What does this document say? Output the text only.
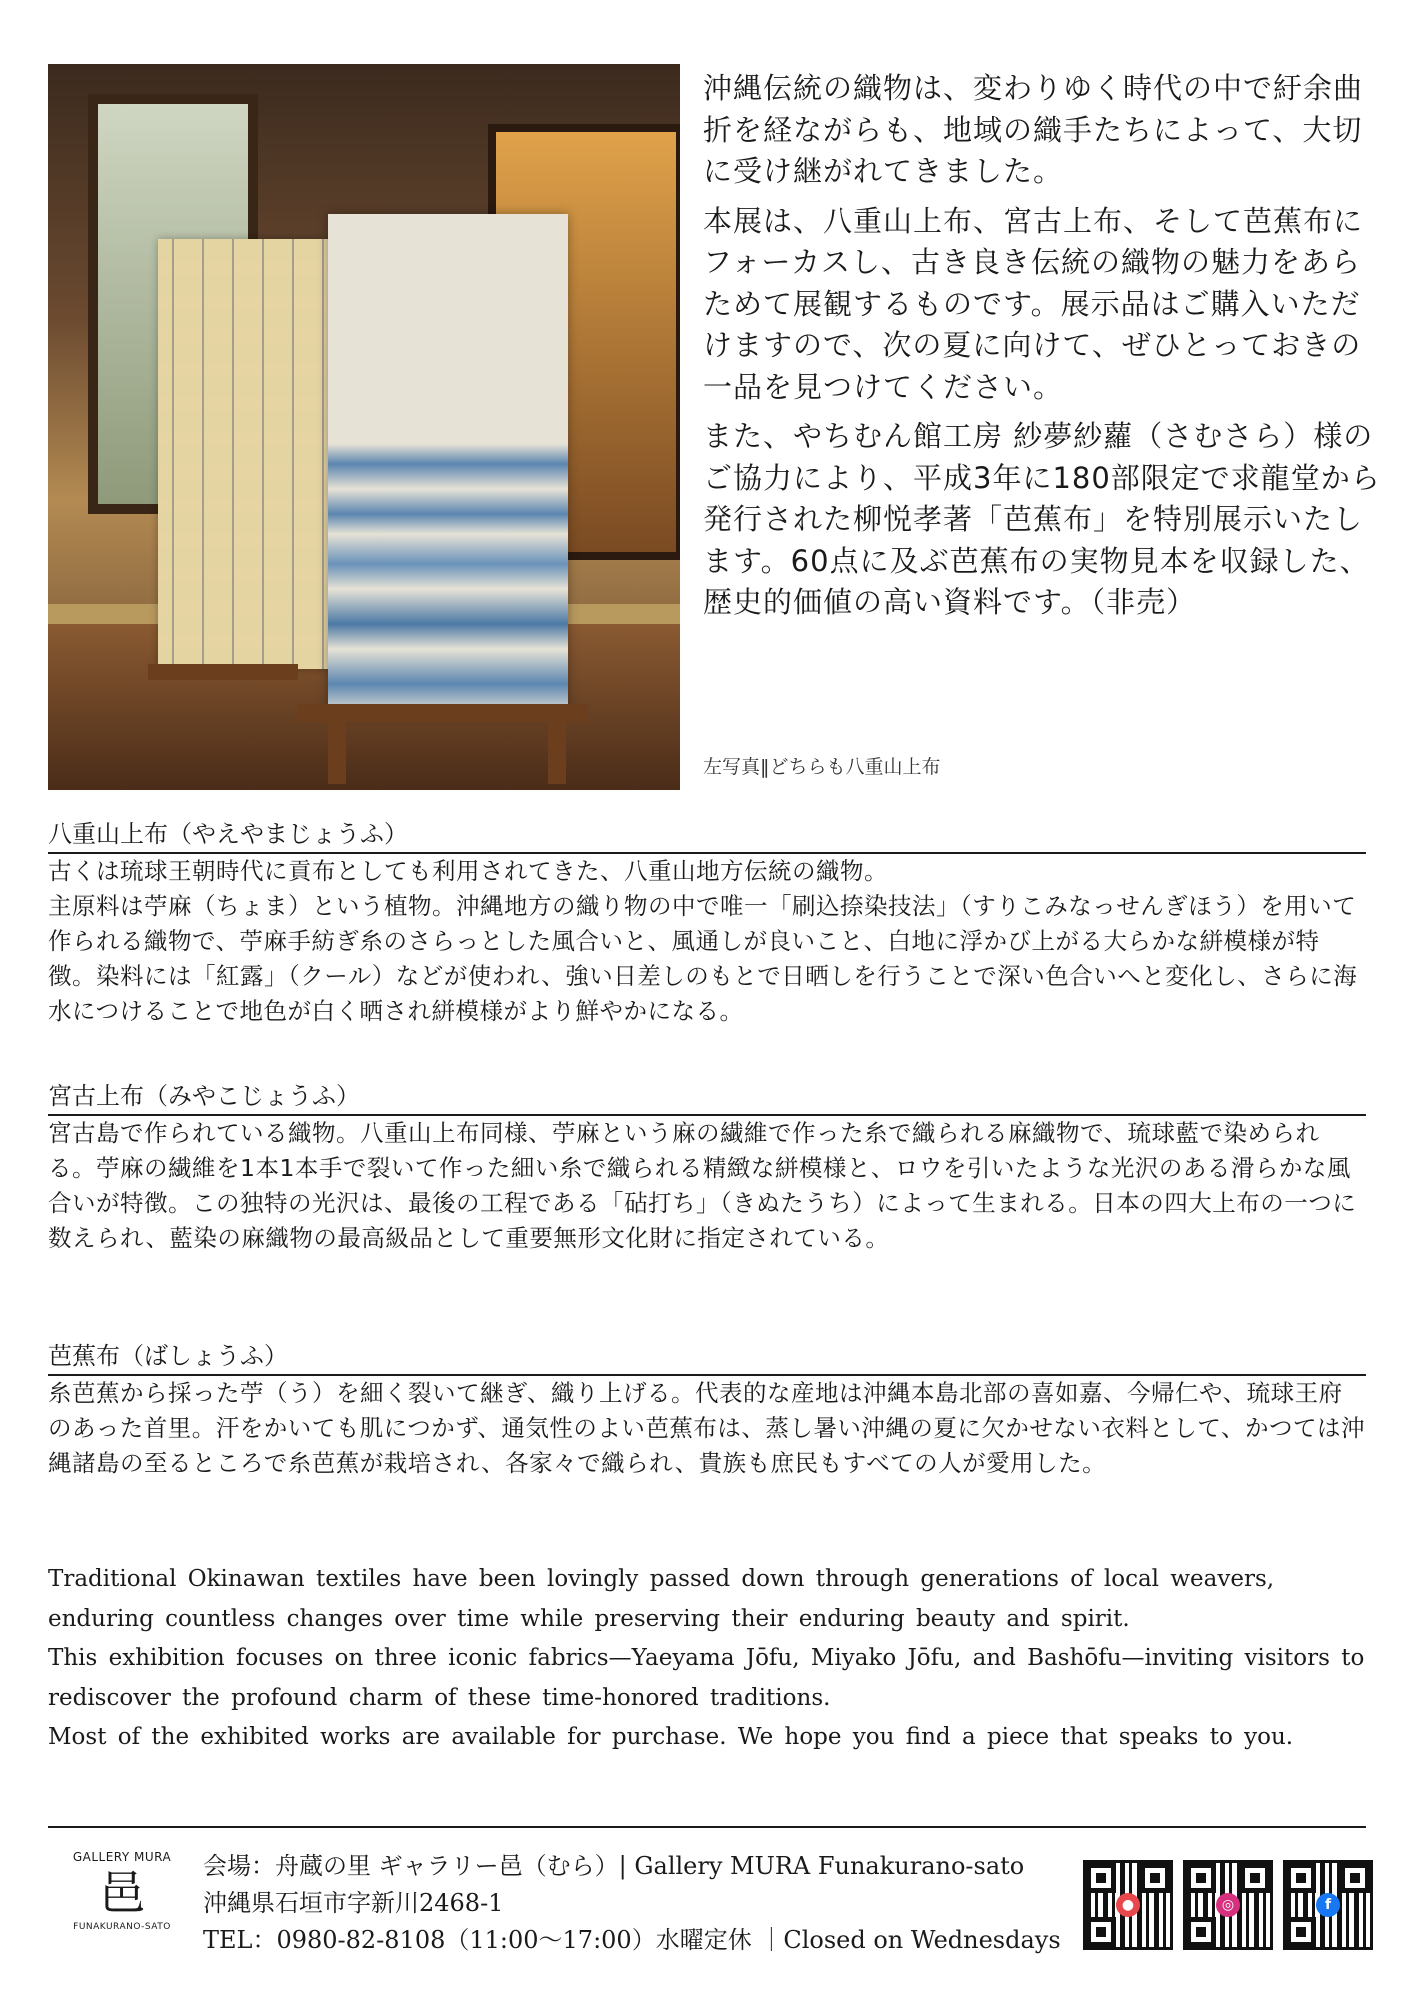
沖縄伝統の織物は、変わりゆく時代の中で紆余曲折を経ながらも、地域の織手たちによって、大切に受け継がれてきました。

本展は、八重山上布、宮古上布、そして芭蕉布にフォーカスし、古き良き伝統の織物の魅力をあらためて展観するものです。展示品はご購入いただけますので、次の夏に向けて、ぜひとっておきの一品を見つけてください。

また、やちむん館工房 紗夢紗蘿（さむさら）様のご協力により、平成3年に180部限定で求龍堂から発行された柳悦孝著「芭蕉布」を特別展示いたします。60点に及ぶ芭蕉布の実物見本を収録した、歴史的価値の高い資料です。（非売）

左写真‖どちらも八重山上布
八重山上布（やえやまじょうふ）

古くは琉球王朝時代に貢布としても利用されてきた、八重山地方伝統の織物。

主原料は苧麻（ちょま）という植物。沖縄地方の織り物の中で唯一「刷込捺染技法」（すりこみなっせんぎほう）を用いて作られる織物で、苧麻手紡ぎ糸のさらっとした風合いと、風通しが良いこと、白地に浮かび上がる大らかな絣模様が特徴。染料には「紅露」（クール）などが使われ、強い日差しのもとで日晒しを行うことで深い色合いへと変化し、さらに海水につけることで地色が白く晒され絣模様がより鮮やかになる。

宮古上布（みやこじょうふ）

宮古島で作られている織物。八重山上布同様、苧麻という麻の繊維で作った糸で織られる麻織物で、琉球藍で染められる。苧麻の繊維を1本1本手で裂いて作った細い糸で織られる精緻な絣模様と、ロウを引いたような光沢のある滑らかな風合いが特徴。この独特の光沢は、最後の工程である「砧打ち」（きぬたうち）によって生まれる。日本の四大上布の一つに数えられ、藍染の麻織物の最高級品として重要無形文化財に指定されている。

芭蕉布（ばしょうふ）

糸芭蕉から採った苧（う）を細く裂いて継ぎ、織り上げる。代表的な産地は沖縄本島北部の喜如嘉、今帰仁や、琉球王府のあった首里。汗をかいても肌につかず、通気性のよい芭蕉布は、蒸し暑い沖縄の夏に欠かせない衣料として、かつては沖縄諸島の至るところで糸芭蕉が栽培され、各家々で織られ、貴族も庶民もすべての人が愛用した。

Traditional Okinawan textiles have been lovingly passed down through generations of local weavers, enduring countless changes over time while preserving their enduring beauty and spirit.

This exhibition focuses on three iconic fabrics—Yaeyama Jōfu, Miyako Jōfu, and Bashōfu—inviting visitors to rediscover the profound charm of these time-honored traditions.

Most of the exhibited works are available for purchase. We hope you find a piece that speaks to you.

GALLERY MURA
邑
FUNAKURANO-SATO
会場：舟蔵の里 ギャラリー邑（むら）| Gallery MURA Funakurano-sato
沖縄県石垣市字新川2468-1
TEL：0980-82-8108（11:00〜17:00）水曜定休 ｜Closed on Wednesdays
●	◎	f
